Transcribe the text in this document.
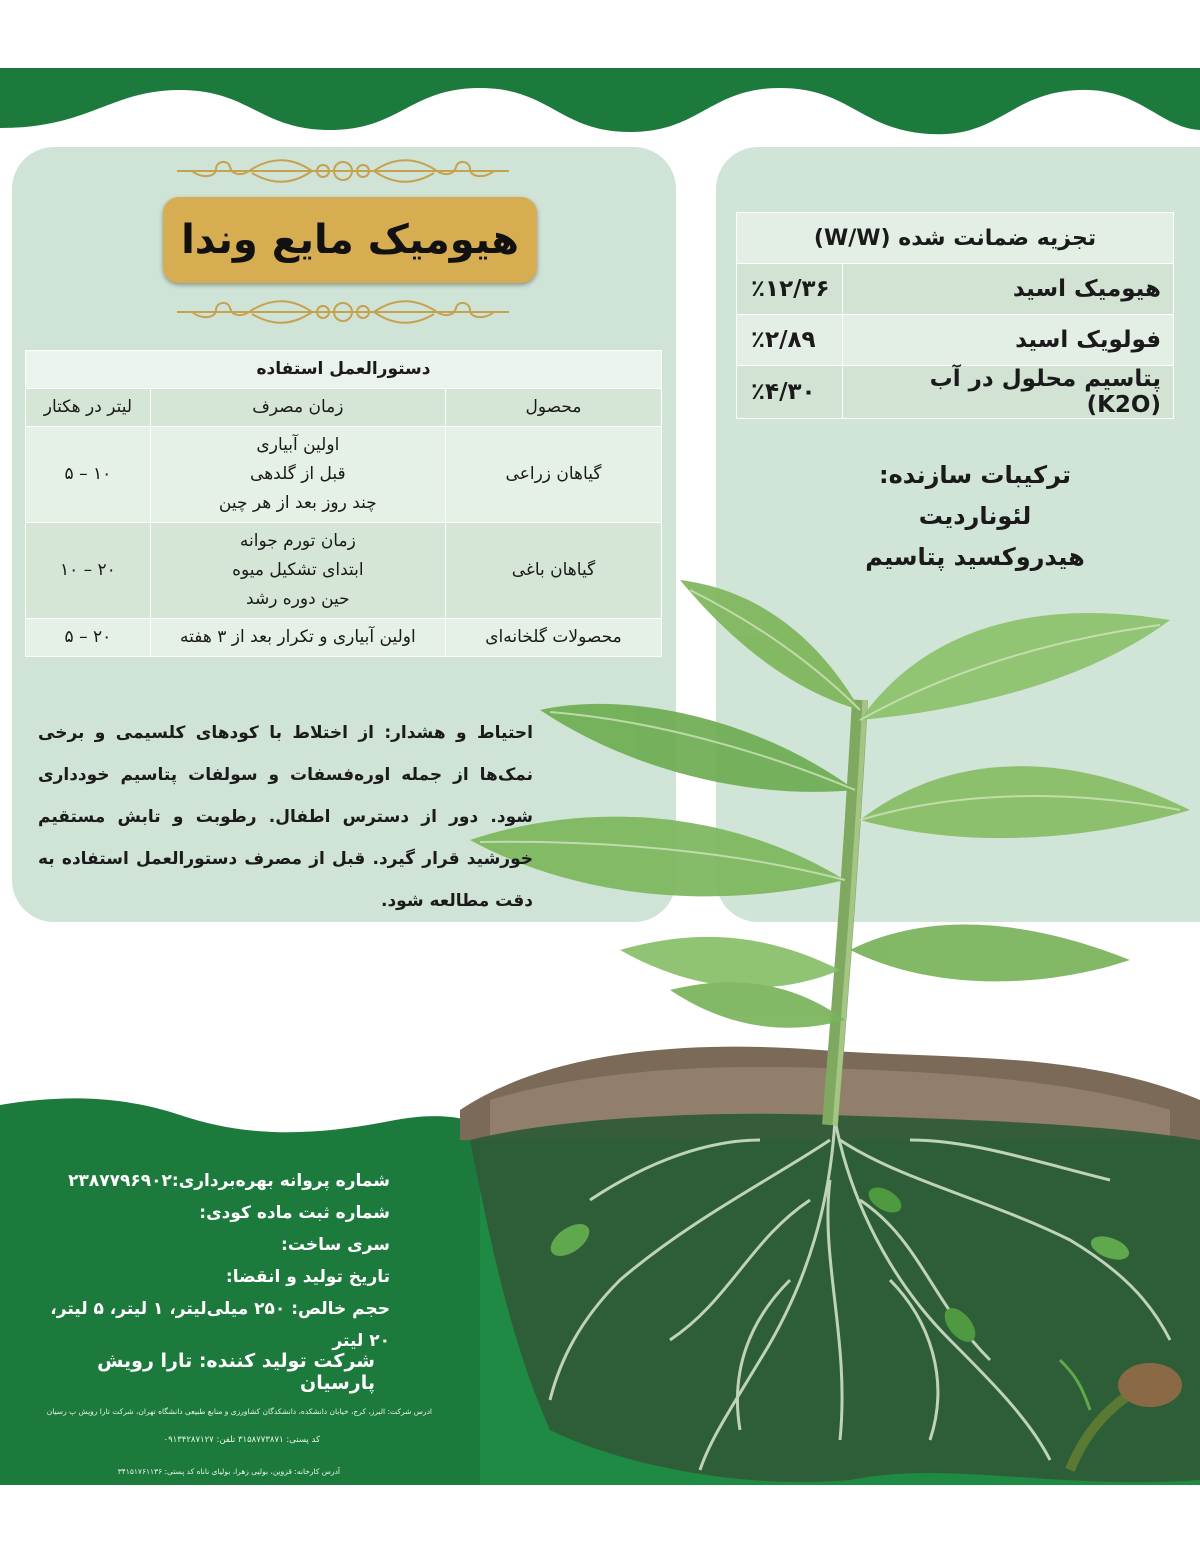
هیومیک مایع وندا
دستورالعمل استفاده		
محصول	زمان مصرف	لیتر در هکتار
گیاهان زراعی	اولین آبیاری
قبل از گلدهی
چند روز بعد از هر چین	۱۰ – ۵
گیاهان باغی	زمان تورم جوانه
ابتدای تشکیل میوه
حین دوره رشد	۲۰ – ۱۰
محصولات گلخانه‌ای	اولین آبیاری و تکرار بعد از ۳ هفته	۲۰ – ۵
تجزیه ضمانت شده (W/W)	
هیومیک اسید	٪۱۲/۳۶
فولویک اسید	٪۲/۸۹
پتاسیم محلول در آب (K2O)	٪۴/۳۰
ترکیبات سازنده:
لئوناردیت
هیدروکسید پتاسیم
احتیاط و هشدار: از اختلاط با کودهای کلسیمی و برخی نمک‌ها از جمله اوره‌فسفات و سولفات پتاسیم خودداری شود. دور از دسترس اطفال. رطوبت و تابش مستقیم خورشید قرار گیرد. قبل از مصرف دستورالعمل استفاده به دقت مطالعه شود.
شماره پروانه بهره‌برداری:۲۳۸۷۷۹۶۹۰۲
شماره ثبت ماده کودی:
سری ساخت:
تاریخ تولید و انقضا:
حجم خالص: ۲۵۰ میلی‌لیتر، ۱ لیتر، ۵ لیتر، ۲۰ لیتر
شرکت تولید کننده: تارا رویش پارسیان
ادرس شرکت: البرز، کرج، خیابان دانشکده، دانشکدگان کشاورزی و منابع طبیعی دانشگاه تهران، شرکت تارا رویش پ رسیان
کد پستی: ۳۱۵۸۷۷۳۸۷۱ تلفن: ۰۹۱۳۴۲۸۷۱۲۷
آدرس کارخانه: قزوین، بولیی زهرا، بولیای ناناه کد پستی: ۳۴۱۵۱۷۶۱۱۳۶
